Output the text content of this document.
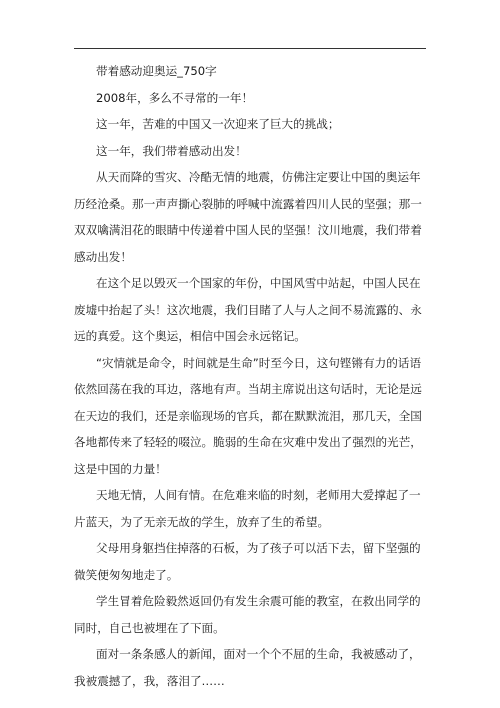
带着感动迎奥运_750字

2008年，多么不寻常的一年！

这一年，苦难的中国又一次迎来了巨大的挑战；

这一年，我们带着感动出发！

从天而降的雪灾、冷酷无情的地震，仿佛注定要让中国的奥运年历经沧桑。那一声声撕心裂肺的呼喊中流露着四川人民的坚强；那一双双噙满泪花的眼睛中传递着中国人民的坚强！汶川地震，我们带着感动出发！

在这个足以毁灭一个国家的年份，中国风雪中站起，中国人民在废墟中抬起了头！这次地震，我们目睹了人与人之间不易流露的、永远的真爱。这个奥运，相信中国会永远铭记。

“灾情就是命令，时间就是生命”时至今日，这句铿锵有力的话语依然回荡在我的耳边，落地有声。当胡主席说出这句话时，无论是远在天边的我们，还是亲临现场的官兵，都在默默流泪，那几天，全国各地都传来了轻轻的啜泣。脆弱的生命在灾难中发出了强烈的光芒，这是中国的力量！

天地无情，人间有情。在危难来临的时刻，老师用大爱撑起了一片蓝天，为了无亲无故的学生，放弃了生的希望。

父母用身躯挡住掉落的石板，为了孩子可以活下去，留下坚强的微笑便匆匆地走了。

学生冒着危险毅然返回仍有发生余震可能的教室，在救出同学的同时，自己也被埋在了下面。

面对一条条感人的新闻，面对一个个不屈的生命，我被感动了，我被震撼了，我，落泪了……
